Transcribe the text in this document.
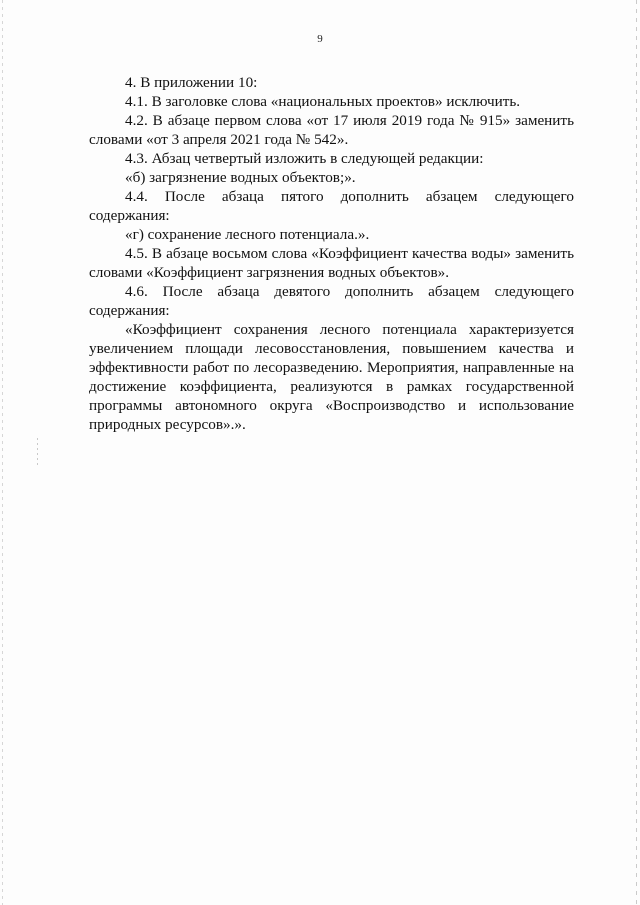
9

4. В приложении 10:

4.1. В заголовке слова «национальных проектов» исключить.

4.2. В абзаце первом слова «от 17 июля 2019 года № 915» заменить словами «от 3 апреля 2021 года № 542».

4.3. Абзац четвертый изложить в следующей редакции:

«б) загрязнение водных объектов;».

4.4. После абзаца пятого дополнить абзацем следующего содержания:

«г) сохранение лесного потенциала.».

4.5. В абзаце восьмом слова «Коэффициент качества воды» заменить словами «Коэффициент загрязнения водных объектов».

4.6. После абзаца девятого дополнить абзацем следующего содержания:

«Коэффициент сохранения лесного потенциала характеризуется увеличением площади лесовосстановления, повышением качества и эффективности работ по лесоразведению. Мероприятия, направленные на достижение коэффициента, реализуются в рамках государственной программы автономного округа «Воспроизводство и использование природных ресурсов».».
